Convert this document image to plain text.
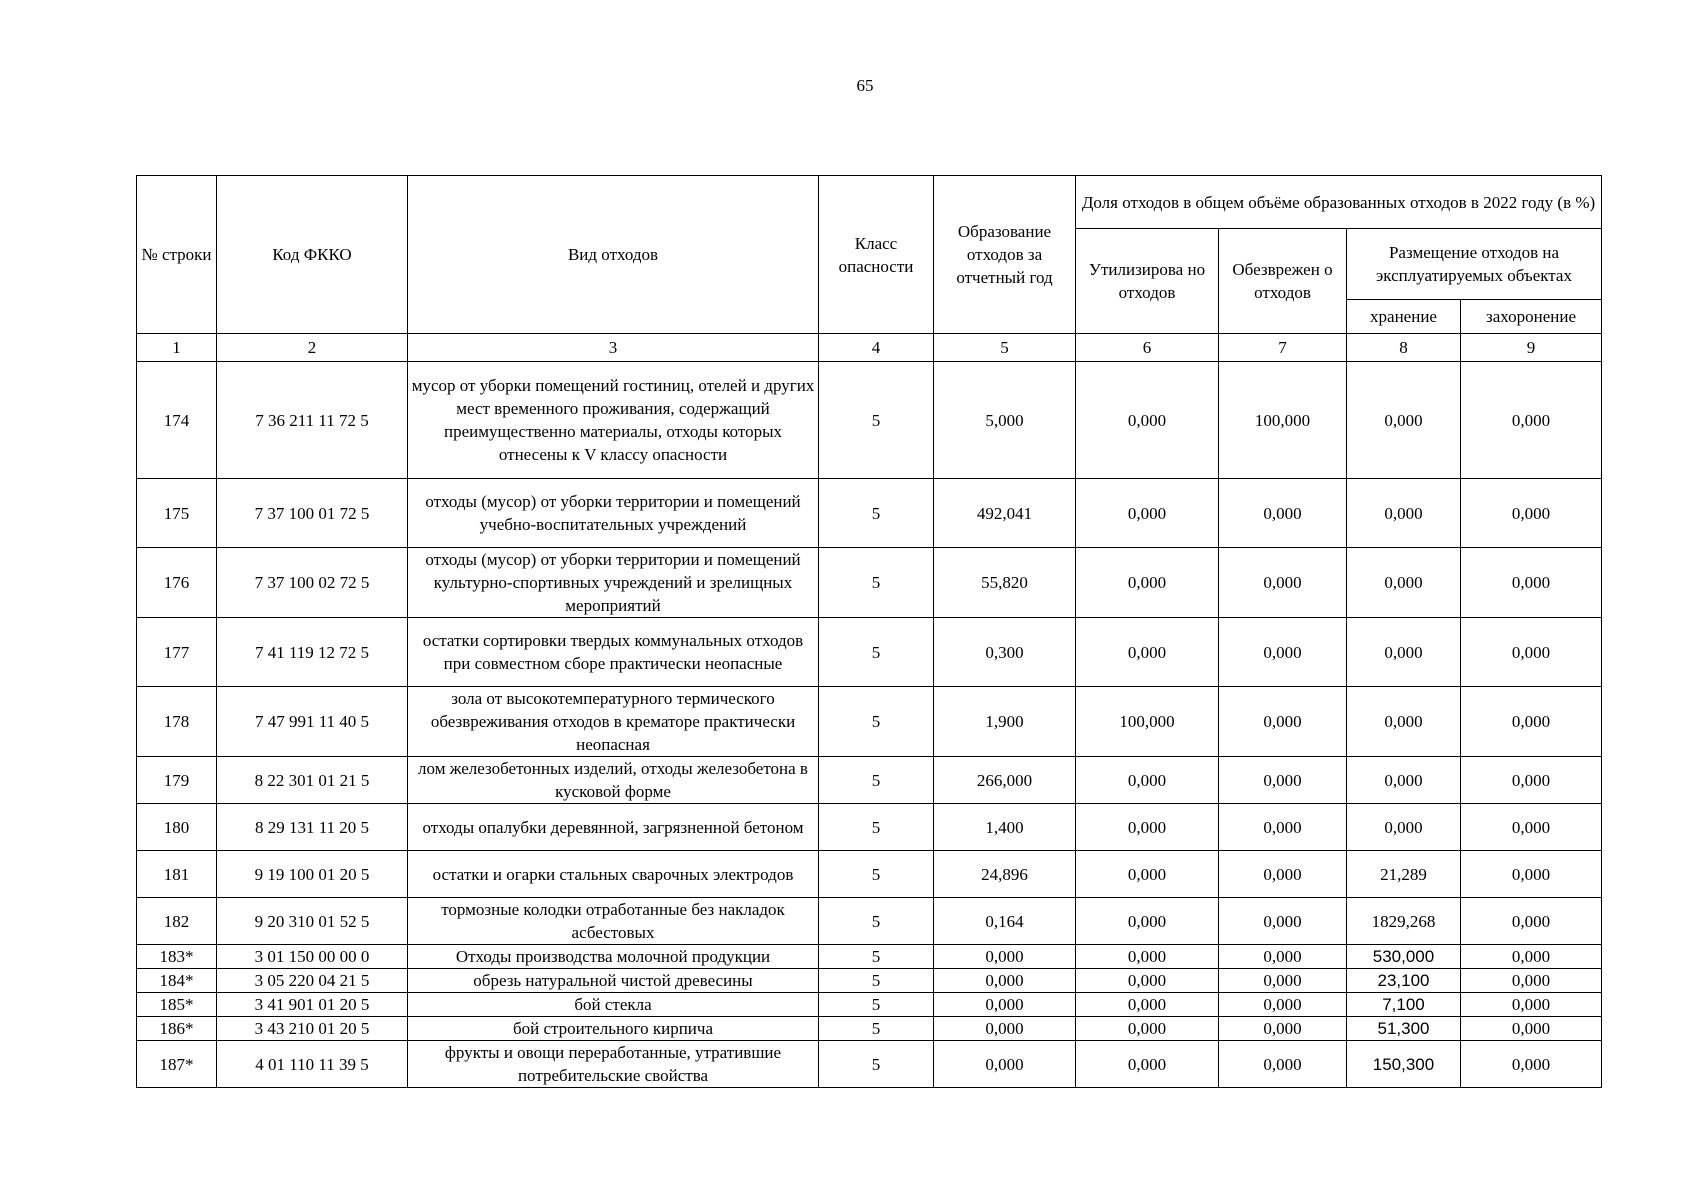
65
№ строки	Код ФККО	Вид отходов	Класс опасности	Образование отходов за отчетный год	Доля отходов в общем объёме образованных отходов в 2022 году (в %)			
					Утилизирова но отходов	Обезврежен о отходов	Размещение отходов на эксплуатируемых объектах	
							хранение	захоронение
1	2	3	4	5	6	7	8	9
174	7 36 211 11 72 5	мусор от уборки помещений гостиниц, отелей и других мест временного проживания, содержащий преимущественно материалы, отходы которых отнесены к V классу опасности	5	5,000	0,000	100,000	0,000	0,000
175	7 37 100 01 72 5	отходы (мусор) от уборки территории и помещений учебно-воспитательных учреждений	5	492,041	0,000	0,000	0,000	0,000
176	7 37 100 02 72 5	отходы (мусор) от уборки территории и помещений культурно-спортивных учреждений и зрелищных мероприятий	5	55,820	0,000	0,000	0,000	0,000
177	7 41 119 12 72 5	остатки сортировки твердых коммунальных отходов при совместном сборе практически неопасные	5	0,300	0,000	0,000	0,000	0,000
178	7 47 991 11 40 5	зола от высокотемпературного термического обезвреживания отходов в крематоре практически неопасная	5	1,900	100,000	0,000	0,000	0,000
179	8 22 301 01 21 5	лом железобетонных изделий, отходы железобетона в кусковой форме	5	266,000	0,000	0,000	0,000	0,000
180	8 29 131 11 20 5	отходы опалубки деревянной, загрязненной бетоном	5	1,400	0,000	0,000	0,000	0,000
181	9 19 100 01 20 5	остатки и огарки стальных сварочных электродов	5	24,896	0,000	0,000	21,289	0,000
182	9 20 310 01 52 5	тормозные колодки отработанные без накладок асбестовых	5	0,164	0,000	0,000	1829,268	0,000
183*	3 01 150 00 00 0	Отходы производства молочной продукции	5	0,000	0,000	0,000	530,000	0,000
184*	3 05 220 04 21 5	обрезь натуральной чистой древесины	5	0,000	0,000	0,000	23,100	0,000
185*	3 41 901 01 20 5	бой стекла	5	0,000	0,000	0,000	7,100	0,000
186*	3 43 210 01 20 5	бой строительного кирпича	5	0,000	0,000	0,000	51,300	0,000
187*	4 01 110 11 39 5	фрукты и овощи переработанные, утратившие потребительские свойства	5	0,000	0,000	0,000	150,300	0,000
